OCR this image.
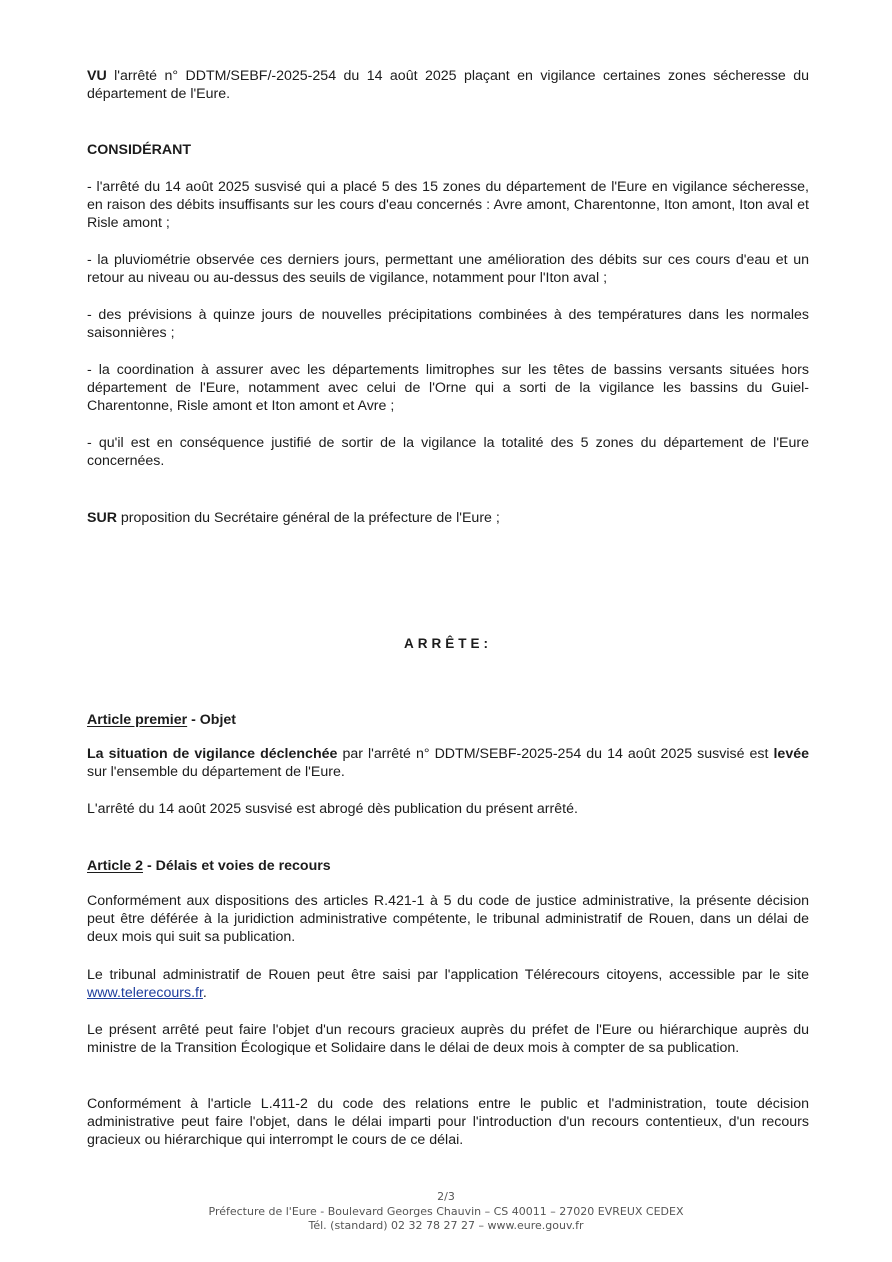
VU l'arrêté n° DDTM/SEBF/-2025-254 du 14 août 2025 plaçant en vigilance certaines zones sécheresse du département de l'Eure.

CONSIDÉRANT

- l'arrêté du 14 août 2025 susvisé qui a placé 5 des 15 zones du département de l'Eure en vigilance sécheresse, en raison des débits insuffisants sur les cours d'eau concernés : Avre amont, Charentonne, Iton amont, Iton aval et Risle amont ;

- la pluviométrie observée ces derniers jours, permettant une amélioration des débits sur ces cours d'eau et un retour au niveau ou au-dessus des seuils de vigilance, notamment pour l'Iton aval ;

- des prévisions à quinze jours de nouvelles précipitations combinées à des températures dans les normales saisonnières ;

- la coordination à assurer avec les départements limitrophes sur les têtes de bassins versants situées hors département de l'Eure, notamment avec celui de l'Orne qui a sorti de la vigilance les bassins du Guiel-Charentonne, Risle amont et Iton amont et Avre ;

- qu'il est en conséquence justifié de sortir de la vigilance la totalité des 5 zones du département de l'Eure concernées.

SUR proposition du Secrétaire général de la préfecture de l'Eure ;

ARRÊTE:
Article premier - Objet

La situation de vigilance déclenchée par l'arrêté n° DDTM/SEBF-2025-254 du 14 août 2025 susvisé est levée sur l'ensemble du département de l'Eure.

L'arrêté du 14 août 2025 susvisé est abrogé dès publication du présent arrêté.

Article 2 - Délais et voies de recours

Conformément aux dispositions des articles R.421-1 à 5 du code de justice administrative, la présente décision peut être déférée à la juridiction administrative compétente, le tribunal administratif de Rouen, dans un délai de deux mois qui suit sa publication.

Le tribunal administratif de Rouen peut être saisi par l'application Télérecours citoyens, accessible par le site www.telerecours.fr.

Le présent arrêté peut faire l'objet d'un recours gracieux auprès du préfet de l'Eure ou hiérarchique auprès du ministre de la Transition Écologique et Solidaire dans le délai de deux mois à compter de sa publication.

Conformément à l'article L.411-2 du code des relations entre le public et l'administration, toute décision administrative peut faire l'objet, dans le délai imparti pour l'introduction d'un recours contentieux, d'un recours gracieux ou hiérarchique qui interrompt le cours de ce délai.

2/3
Préfecture de l'Eure - Boulevard Georges Chauvin – CS 40011 – 27020 EVREUX CEDEX
Tél. (standard) 02 32 78 27 27 – www.eure.gouv.fr
